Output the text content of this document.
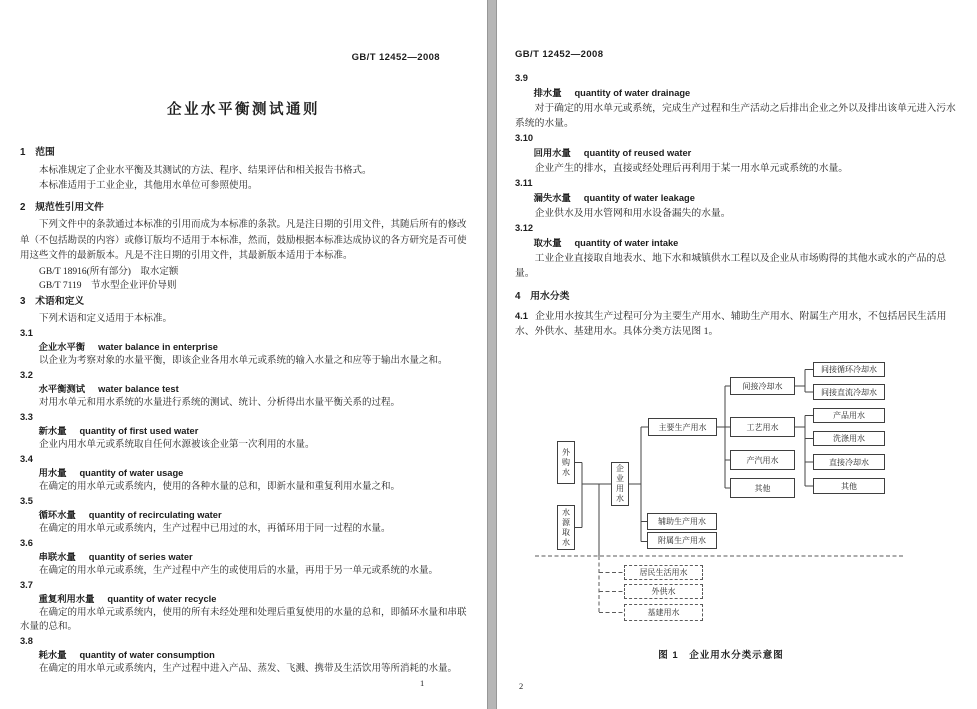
GB/T 12452—2008
企业水平衡测试通则
1　范围

本标准规定了企业水平衡及其测试的方法、程序、结果评估和相关报告书格式。

本标准适用于工业企业，其他用水单位可参照使用。

2　规范性引用文件

下列文件中的条款通过本标准的引用而成为本标准的条款。凡是注日期的引用文件，其随后所有的修改单（不包括勘误的内容）或修订版均不适用于本标准，然而，鼓励根据本标准达成协议的各方研究是否可使用这些文件的最新版本。凡是不注日期的引用文件，其最新版本适用于本标准。

GB/T 18916(所有部分)　取水定额
GB/T 7119　节水型企业评价导则
3　术语和定义

下列术语和定义适用于本标准。

3.1
企业水平衡 water balance in enterprise

以企业为考察对象的水量平衡，即该企业各用水单元或系统的输入水量之和应等于输出水量之和。

3.2
水平衡测试 water balance test

对用水单元和用水系统的水量进行系统的测试、统计、分析得出水量平衡关系的过程。

3.3
新水量 quantity of first used water

企业内用水单元或系统取自任何水源被该企业第一次利用的水量。

3.4
用水量 quantity of water usage

在确定的用水单元或系统内，使用的各种水量的总和，即新水量和重复利用水量之和。

3.5
循环水量 quantity of recirculating water

在确定的用水单元或系统内，生产过程中已用过的水，再循环用于同一过程的水量。

3.6
串联水量 quantity of series water

在确定的用水单元或系统，生产过程中产生的或使用后的水量，再用于另一单元或系统的水量。

3.7
重复利用水量 quantity of water recycle

在确定的用水单元或系统内，使用的所有未经处理和处理后重复使用的水量的总和，即循环水量和串联水量的总和。

3.8
耗水量 quantity of water consumption

在确定的用水单元或系统内，生产过程中进入产品、蒸发、飞溅、携带及生活饮用等所消耗的水量。

1
GB/T 12452—2008
3.9
排水量 quantity of water drainage

对于确定的用水单元或系统，完成生产过程和生产活动之后排出企业之外以及排出该单元进入污水系统的水量。

3.10
回用水量 quantity of reused water

企业产生的排水，直接或经处理后再利用于某一用水单元或系统的水量。

3.11
漏失水量 quantity of water leakage

企业供水及用水管网和用水设备漏失的水量。

3.12
取水量 quantity of water intake

工业企业直接取自地表水、地下水和城镇供水工程以及企业从市场购得的其他水或水的产品的总量。

4　用水分类

4.1 企业用水按其生产过程可分为主要生产用水、辅助生产用水、附属生产用水，不包括居民生活用水、外供水、基建用水。具体分类方法见图 1。

外购水
水源取水
企业用水
主要生产用水
辅助生产用水
附属生产用水
间接冷却水
工艺用水
产汽用水
其他
间接循环冷却水
间接直流冷却水
产品用水
洗涤用水
直接冷却水
其他
居民生活用水
外供水
基建用水
图 1　企业用水分类示意图
2
